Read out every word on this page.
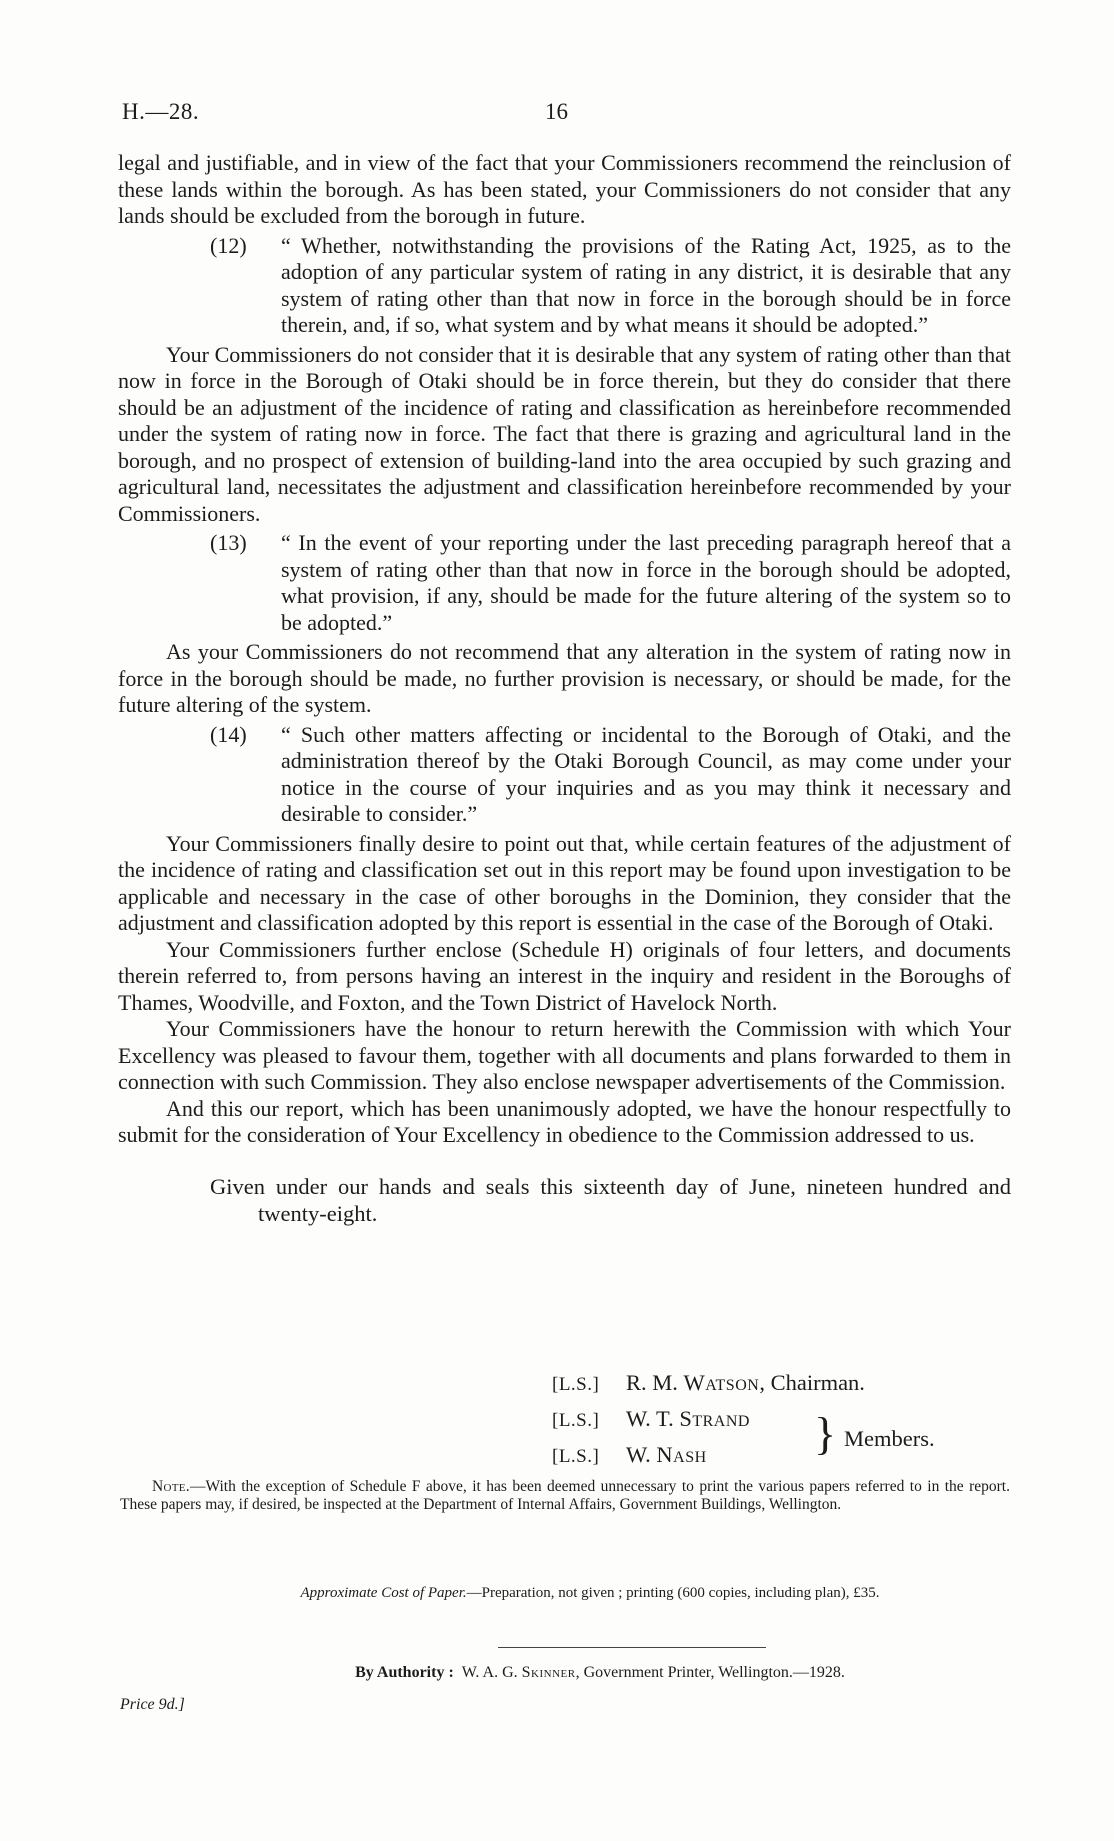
H.—28.	16

legal and justifiable, and in view of the fact that your Commissioners recommend the reinclusion of these lands within the borough. As has been stated, your Commissioners do not consider that any lands should be excluded from the borough in future.

(12)	“ Whether, notwithstanding the provisions of the Rating Act, 1925, as to the adoption of any particular system of rating in any district, it is desirable that any system of rating other than that now in force in the borough should be in force therein, and, if so, what system and by what means it should be adopted.”

Your Commissioners do not consider that it is desirable that any system of rating other than that now in force in the Borough of Otaki should be in force therein, but they do consider that there should be an adjustment of the incidence of rating and classification as hereinbefore recommended under the system of rating now in force. The fact that there is grazing and agricultural land in the borough, and no prospect of extension of building-land into the area occupied by such grazing and agricultural land, necessitates the adjustment and classification hereinbefore recommended by your Commissioners.

(13)	“ In the event of your reporting under the last preceding paragraph hereof that a system of rating other than that now in force in the borough should be adopted, what provision, if any, should be made for the future altering of the system so to be adopted.”

As your Commissioners do not recommend that any alteration in the system of rating now in force in the borough should be made, no further provision is necessary, or should be made, for the future altering of the system.

(14)	“ Such other matters affecting or incidental to the Borough of Otaki, and the administration thereof by the Otaki Borough Council, as may come under your notice in the course of your inquiries and as you may think it necessary and desirable to consider.”

Your Commissioners finally desire to point out that, while certain features of the adjustment of the incidence of rating and classification set out in this report may be found upon investigation to be applicable and necessary in the case of other boroughs in the Dominion, they consider that the adjustment and classification adopted by this report is essential in the case of the Borough of Otaki.

Your Commissioners further enclose (Schedule H) originals of four letters, and documents therein referred to, from persons having an interest in the inquiry and resident in the Boroughs of Thames, Woodville, and Foxton, and the Town District of Havelock North.

Your Commissioners have the honour to return herewith the Commission with which Your Excellency was pleased to favour them, together with all documents and plans forwarded to them in connection with such Commission. They also enclose newspaper advertisements of the Commission.

And this our report, which has been unanimously adopted, we have the honour respectfully to submit for the consideration of Your Excellency in obedience to the Commission addressed to us.

Given under our hands and seals this sixteenth day of June, nineteen hundred and twenty-eight.
[L.S.] R. M. Watson, Chairman.
[L.S.] W. T. Strand
[L.S.] W. Nash } Members.
Note.—With the exception of Schedule F above, it has been deemed unnecessary to print the various papers referred to in the report. These papers may, if desired, be inspected at the Department of Internal Affairs, Government Buildings, Wellington.
Approximate Cost of Paper.—Preparation, not given ; printing (600 copies, including plan), £35.
By Authority : W. A. G. Skinner, Government Printer, Wellington.—1928.
Price 9d.]
